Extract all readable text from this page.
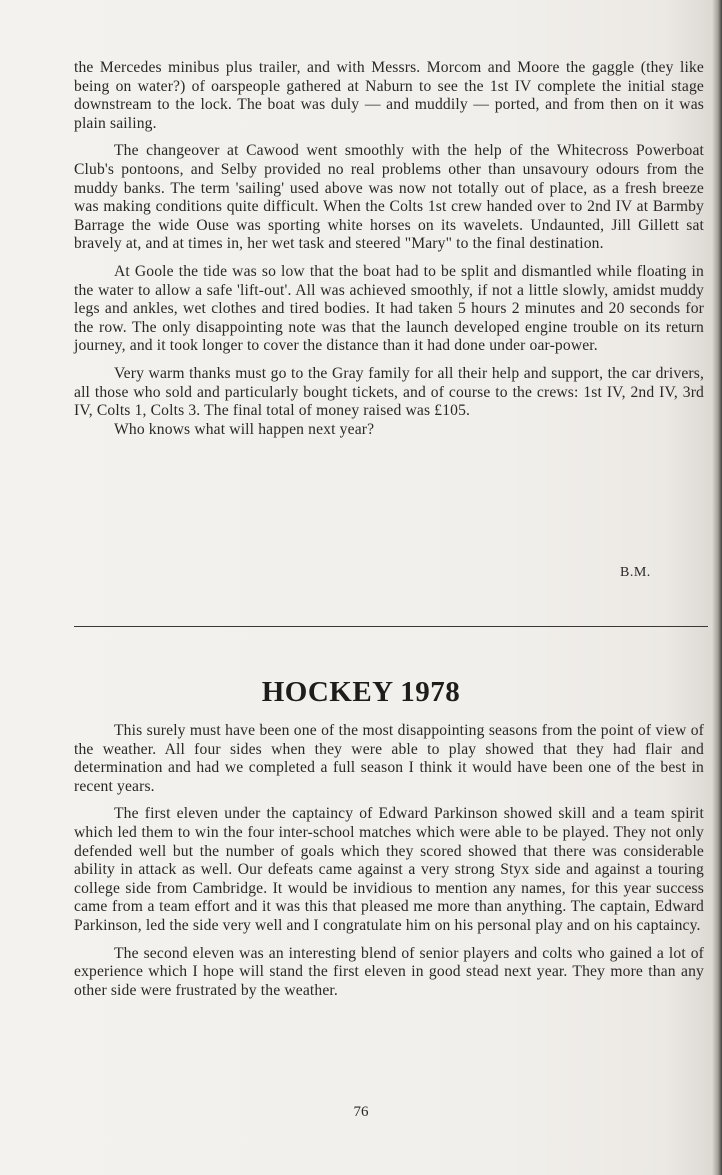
the Mercedes minibus plus trailer, and with Messrs. Morcom and Moore the gaggle (they like being on water?) of oarspeople gathered at Naburn to see the 1st IV complete the initial stage downstream to the lock. The boat was duly — and muddily — ported, and from then on it was plain sailing.

The changeover at Cawood went smoothly with the help of the Whitecross Powerboat Club's pontoons, and Selby provided no real problems other than unsavoury odours from the muddy banks. The term 'sailing' used above was now not totally out of place, as a fresh breeze was making conditions quite difficult. When the Colts 1st crew handed over to 2nd IV at Barmby Barrage the wide Ouse was sporting white horses on its wavelets. Undaunted, Jill Gillett sat bravely at, and at times in, her wet task and steered "Mary" to the final destination.

At Goole the tide was so low that the boat had to be split and dismantled while floating in the water to allow a safe 'lift-out'. All was achieved smoothly, if not a little slowly, amidst muddy legs and ankles, wet clothes and tired bodies. It had taken 5 hours 2 minutes and 20 seconds for the row. The only disappointing note was that the launch developed engine trouble on its return journey, and it took longer to cover the distance than it had done under oar-power.

Very warm thanks must go to the Gray family for all their help and support, the car drivers, all those who sold and particularly bought tickets, and of course to the crews: 1st IV, 2nd IV, 3rd IV, Colts 1, Colts 3. The final total of money raised was £105.

Who knows what will happen next year?

B.M.
HOCKEY 1978

This surely must have been one of the most disappointing seasons from the point of view of the weather. All four sides when they were able to play showed that they had flair and determination and had we completed a full season I think it would have been one of the best in recent years.

The first eleven under the captaincy of Edward Parkinson showed skill and a team spirit which led them to win the four inter-school matches which were able to be played. They not only defended well but the number of goals which they scored showed that there was considerable ability in attack as well. Our defeats came against a very strong Styx side and against a touring college side from Cambridge. It would be invidious to mention any names, for this year success came from a team effort and it was this that pleased me more than anything. The captain, Edward Parkinson, led the side very well and I congratulate him on his personal play and on his captaincy.

The second eleven was an interesting blend of senior players and colts who gained a lot of experience which I hope will stand the first eleven in good stead next year. They more than any other side were frustrated by the weather.

76
